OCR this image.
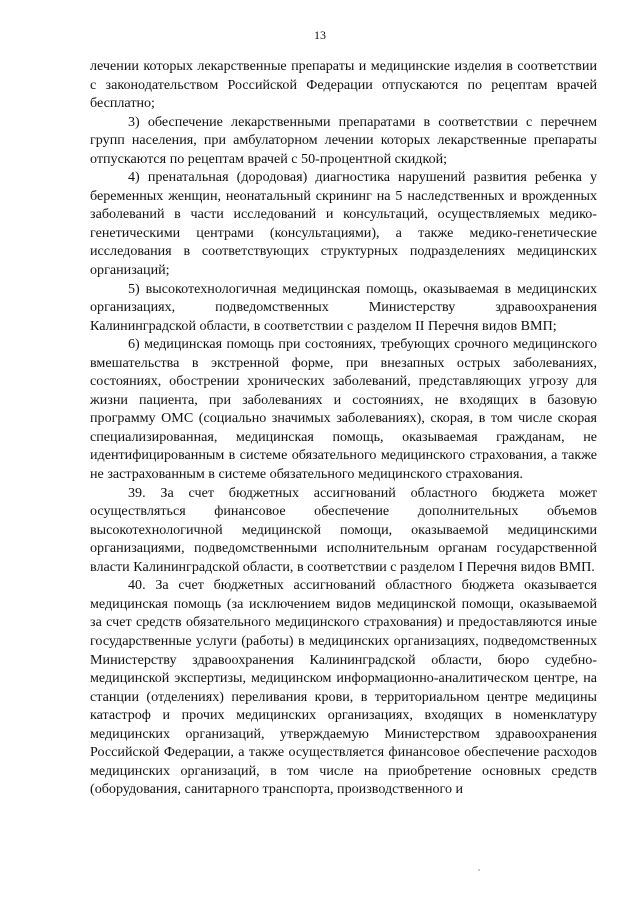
13

лечении которых лекарственные препараты и медицинские изделия в соответствии с законодательством Российской Федерации отпускаются по рецептам врачей бесплатно;

3) обеспечение лекарственными препаратами в соответствии с перечнем групп населения, при амбулаторном лечении которых лекарственные препараты отпускаются по рецептам врачей с 50-процентной скидкой;

4) пренатальная (дородовая) диагностика нарушений развития ребенка у беременных женщин, неонатальный скрининг на 5 наследственных и врожденных заболеваний в части исследований и консультаций, осуществляемых медико-генетическими центрами (консультациями), а также медико-генетические исследования в соответствующих структурных подразделениях медицинских организаций;

5) высокотехнологичная медицинская помощь, оказываемая в медицинских организациях, подведомственных Министерству здравоохранения Калининградской области, в соответствии с разделом II Перечня видов ВМП;

6) медицинская помощь при состояниях, требующих срочного медицинского вмешательства в экстренной форме, при внезапных острых заболеваниях, состояниях, обострении хронических заболеваний, представляющих угрозу для жизни пациента, при заболеваниях и состояниях, не входящих в базовую программу ОМС (социально значимых заболеваниях), скорая, в том числе скорая специализированная, медицинская помощь, оказываемая гражданам, не идентифицированным в системе обязательного медицинского страхования, а также не застрахованным в системе обязательного медицинского страхования.

39. За счет бюджетных ассигнований областного бюджета может осуществляться финансовое обеспечение дополнительных объемов высокотехнологичной медицинской помощи, оказываемой медицинскими организациями, подведомственными исполнительным органам государственной власти Калининградской области, в соответствии с разделом I Перечня видов ВМП.

40. За счет бюджетных ассигнований областного бюджета оказывается медицинская помощь (за исключением видов медицинской помощи, оказываемой за счет средств обязательного медицинского страхования) и предоставляются иные государственные услуги (работы) в медицинских организациях, подведомственных Министерству здравоохранения Калининградской области, бюро судебно-медицинской экспертизы, медицинском информационно-аналитическом центре, на станции (отделениях) переливания крови, в территориальном центре медицины катастроф и прочих медицинских организациях, входящих в номенклатуру медицинских организаций, утверждаемую Министерством здравоохранения Российской Федерации, а также осуществляется финансовое обеспечение расходов медицинских организаций, в том числе на приобретение основных средств (оборудования, санитарного транспорта, производственного и
